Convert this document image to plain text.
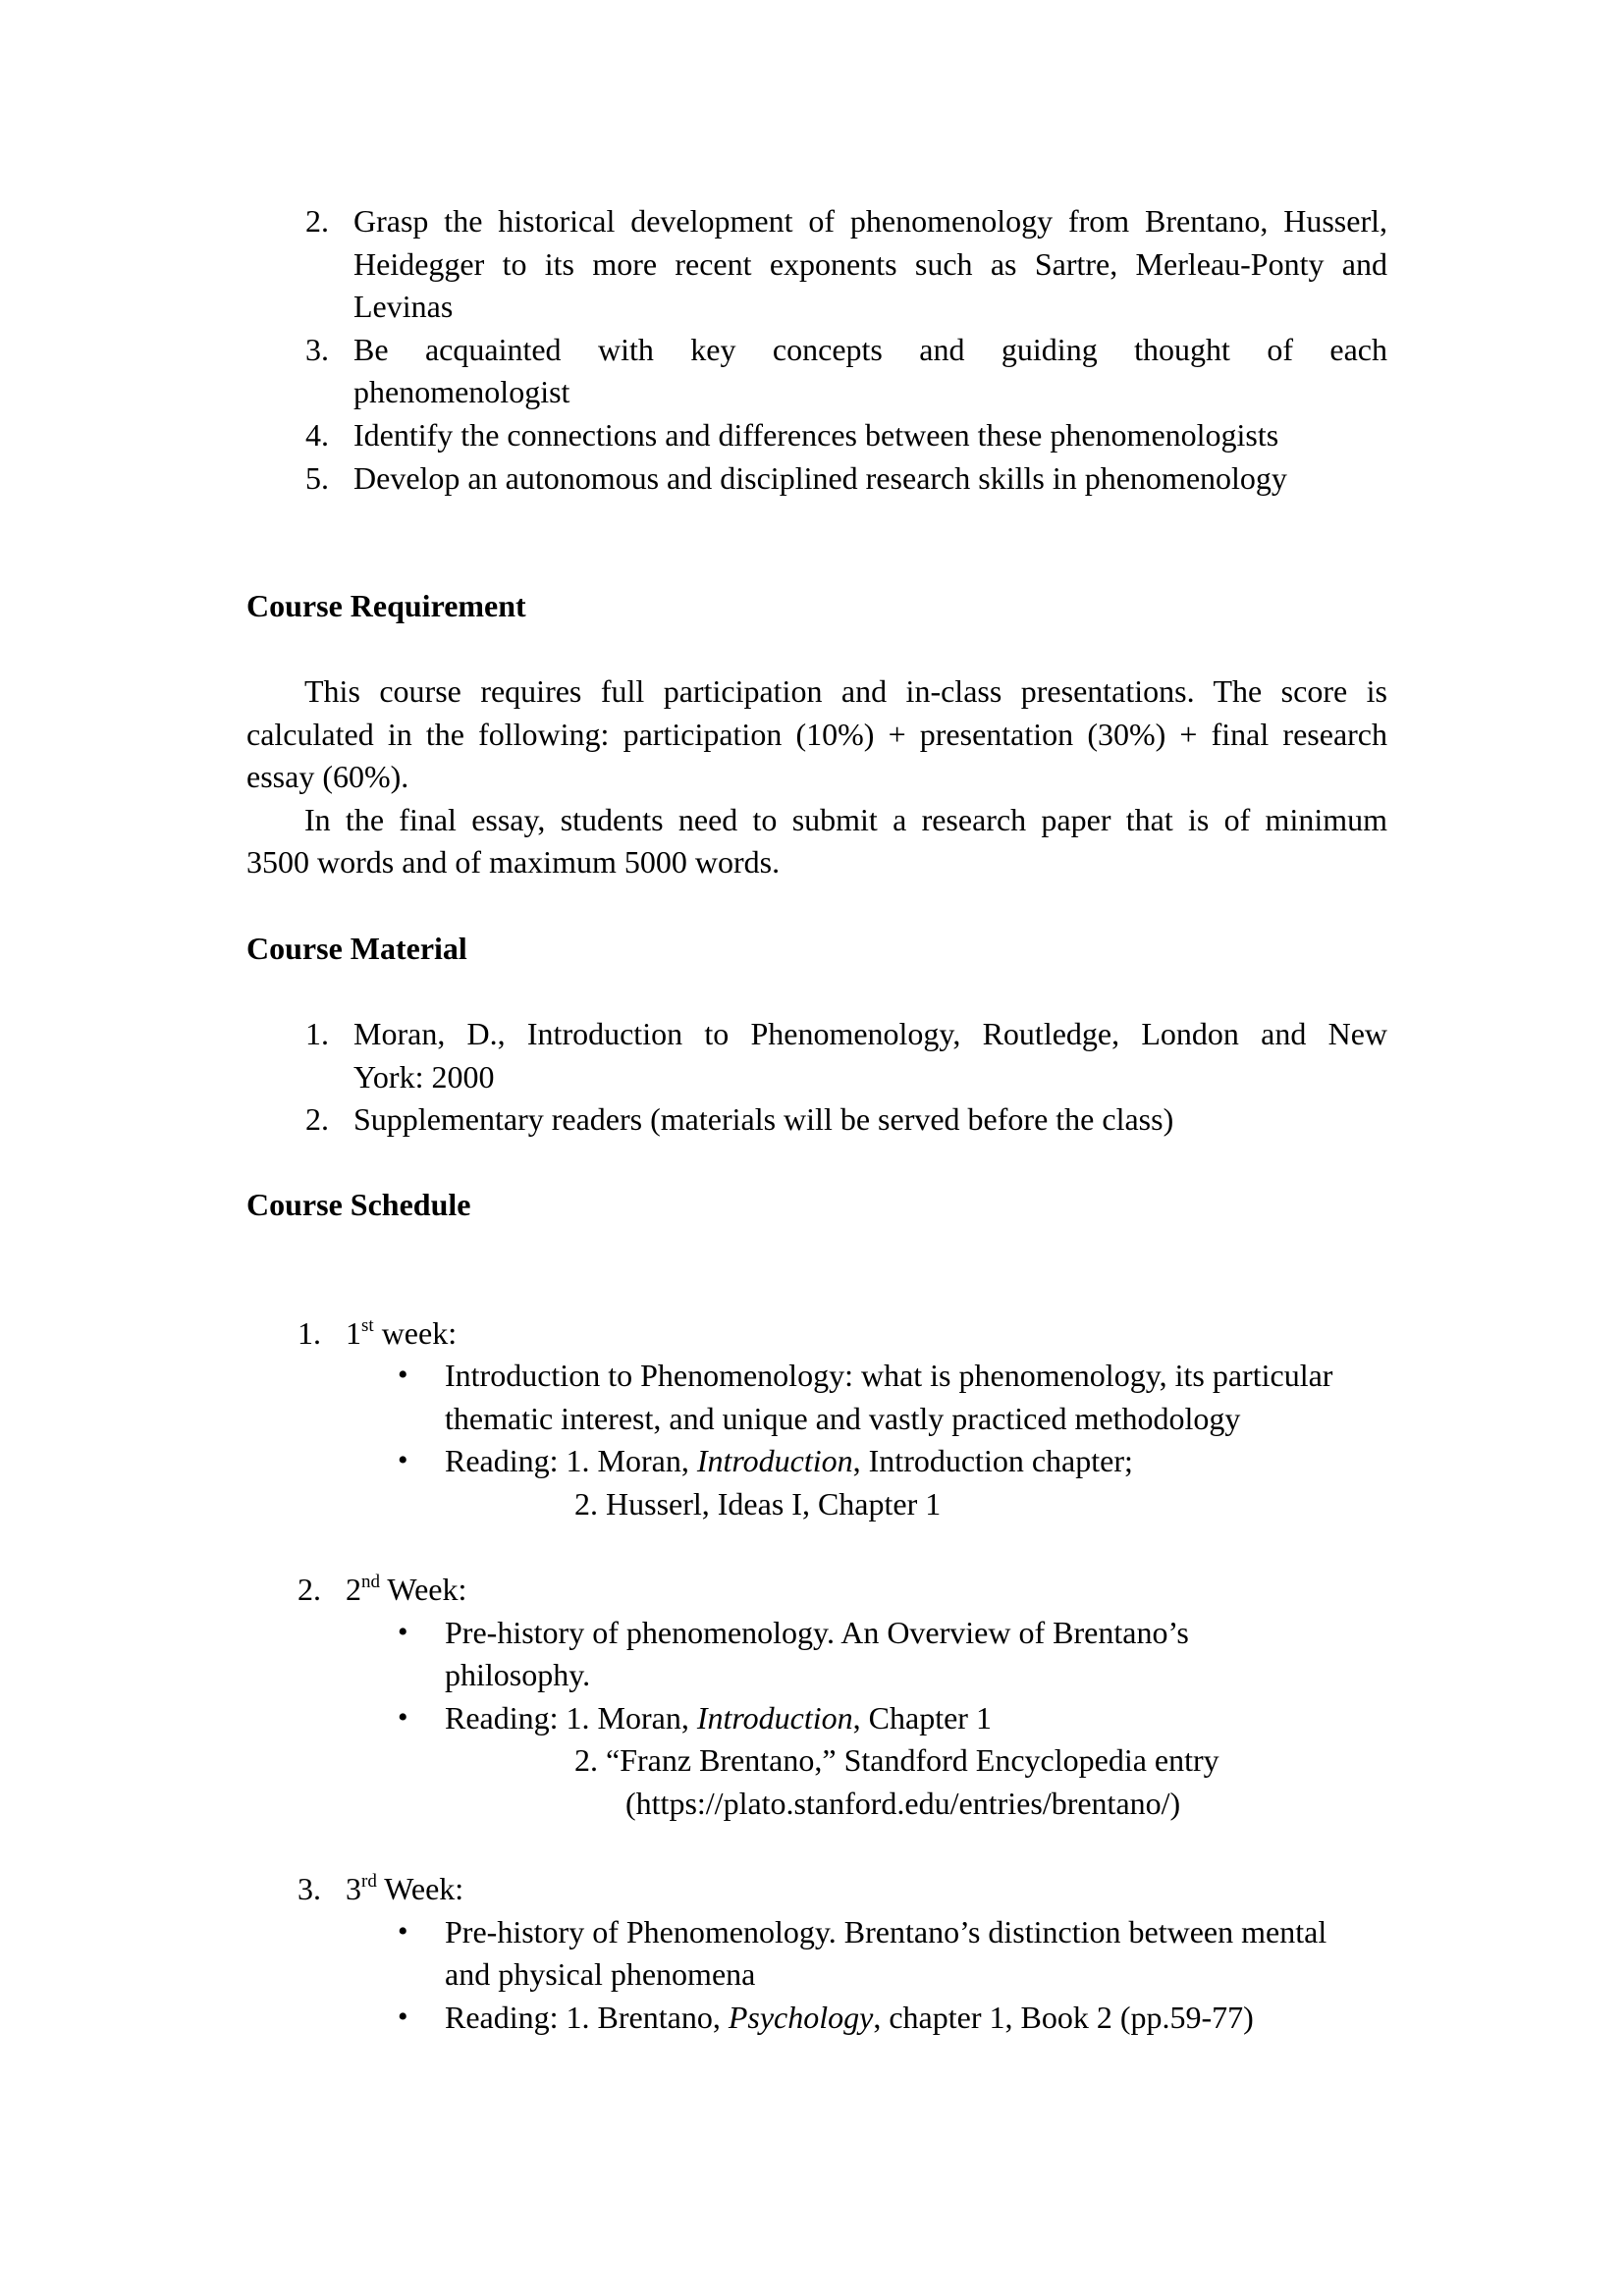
2. Grasp the historical development of phenomenology from Brentano, Husserl,
Heidegger to its more recent exponents such as Sartre, Merleau-Ponty and
Levinas
3. Be acquainted with key concepts and guiding thought of each
phenomenologist
4. Identify the connections and differences between these phenomenologists
5. Develop an autonomous and disciplined research skills in phenomenology
Course Requirement
This course requires full participation and in-class presentations. The score is
calculated in the following: participation (10%) + presentation (30%) + final research
essay (60%).
In the final essay, students need to submit a research paper that is of minimum
3500 words and of maximum 5000 words.
Course Material
1. Moran, D., Introduction to Phenomenology, Routledge, London and New
York: 2000
2. Supplementary readers (materials will be served before the class)
Course Schedule
1. 1st week:
• Introduction to Phenomenology: what is phenomenology, its particular
thematic interest, and unique and vastly practiced methodology
• Reading: 1. Moran, Introduction, Introduction chapter;
2. Husserl, Ideas I, Chapter 1
2. 2nd Week:
• Pre-history of phenomenology. An Overview of Brentano’s
philosophy.
• Reading: 1. Moran, Introduction, Chapter 1
2. “Franz Brentano,” Standford Encyclopedia entry
(https://plato.stanford.edu/entries/brentano/)
3. 3rd Week:
• Pre-history of Phenomenology. Brentano’s distinction between mental
and physical phenomena
• Reading: 1. Brentano, Psychology, chapter 1, Book 2 (pp.59-77)
